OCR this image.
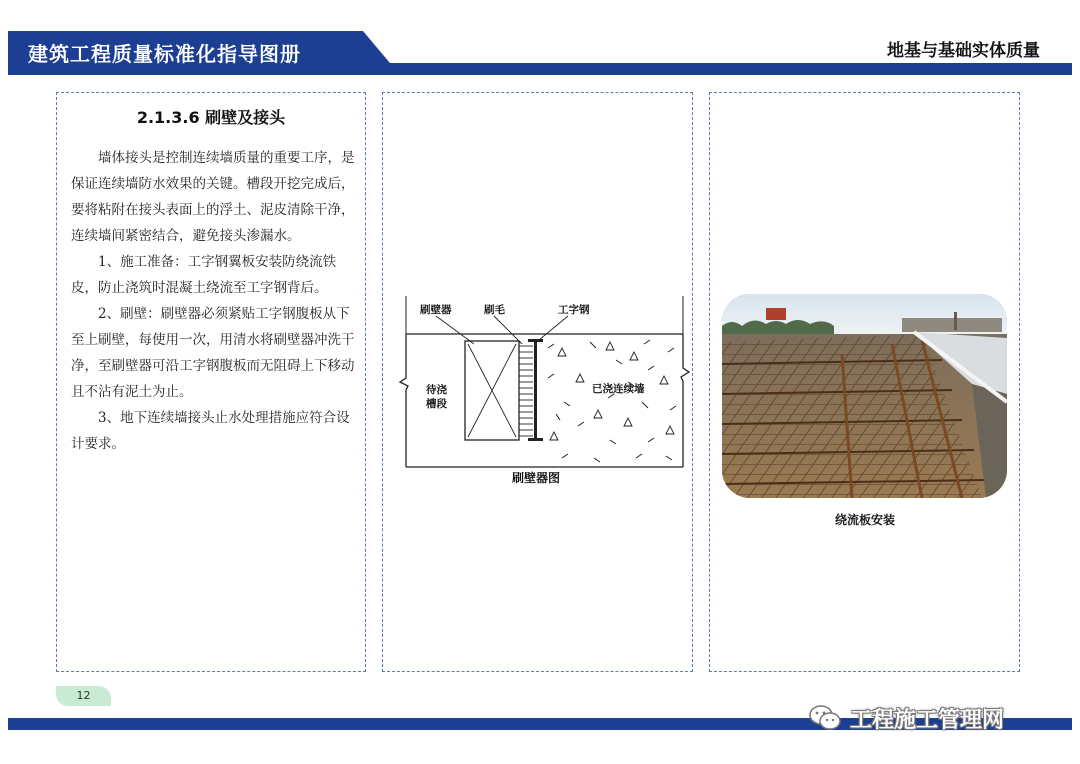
建筑工程质量标准化指导图册	地基与基础实体质量
2.1.3.6 刷壁及接头

墙体接头是控制连续墙质量的重要工序，是保证连续墙防水效果的关键。槽段开挖完成后，要将粘附在接头表面上的浮土、泥皮清除干净，连续墙间紧密结合，避免接头渗漏水。

1、施工准备：工字钢翼板安装防绕流铁皮，防止浇筑时混凝土绕流至工字钢背后。

2、刷壁：刷壁器必须紧贴工字钢腹板从下至上刷壁，每使用一次，用清水将刷壁器冲洗干净，至刷壁器可沿工字钢腹板而无阻碍上下移动且不沾有泥土为止。

3、地下连续墙接头止水处理措施应符合设计要求。

刷壁器	刷毛	工字钢
待浇
槽段
已浇连续墙
刷壁器图
绕流板安装
12
工程施工管理网
